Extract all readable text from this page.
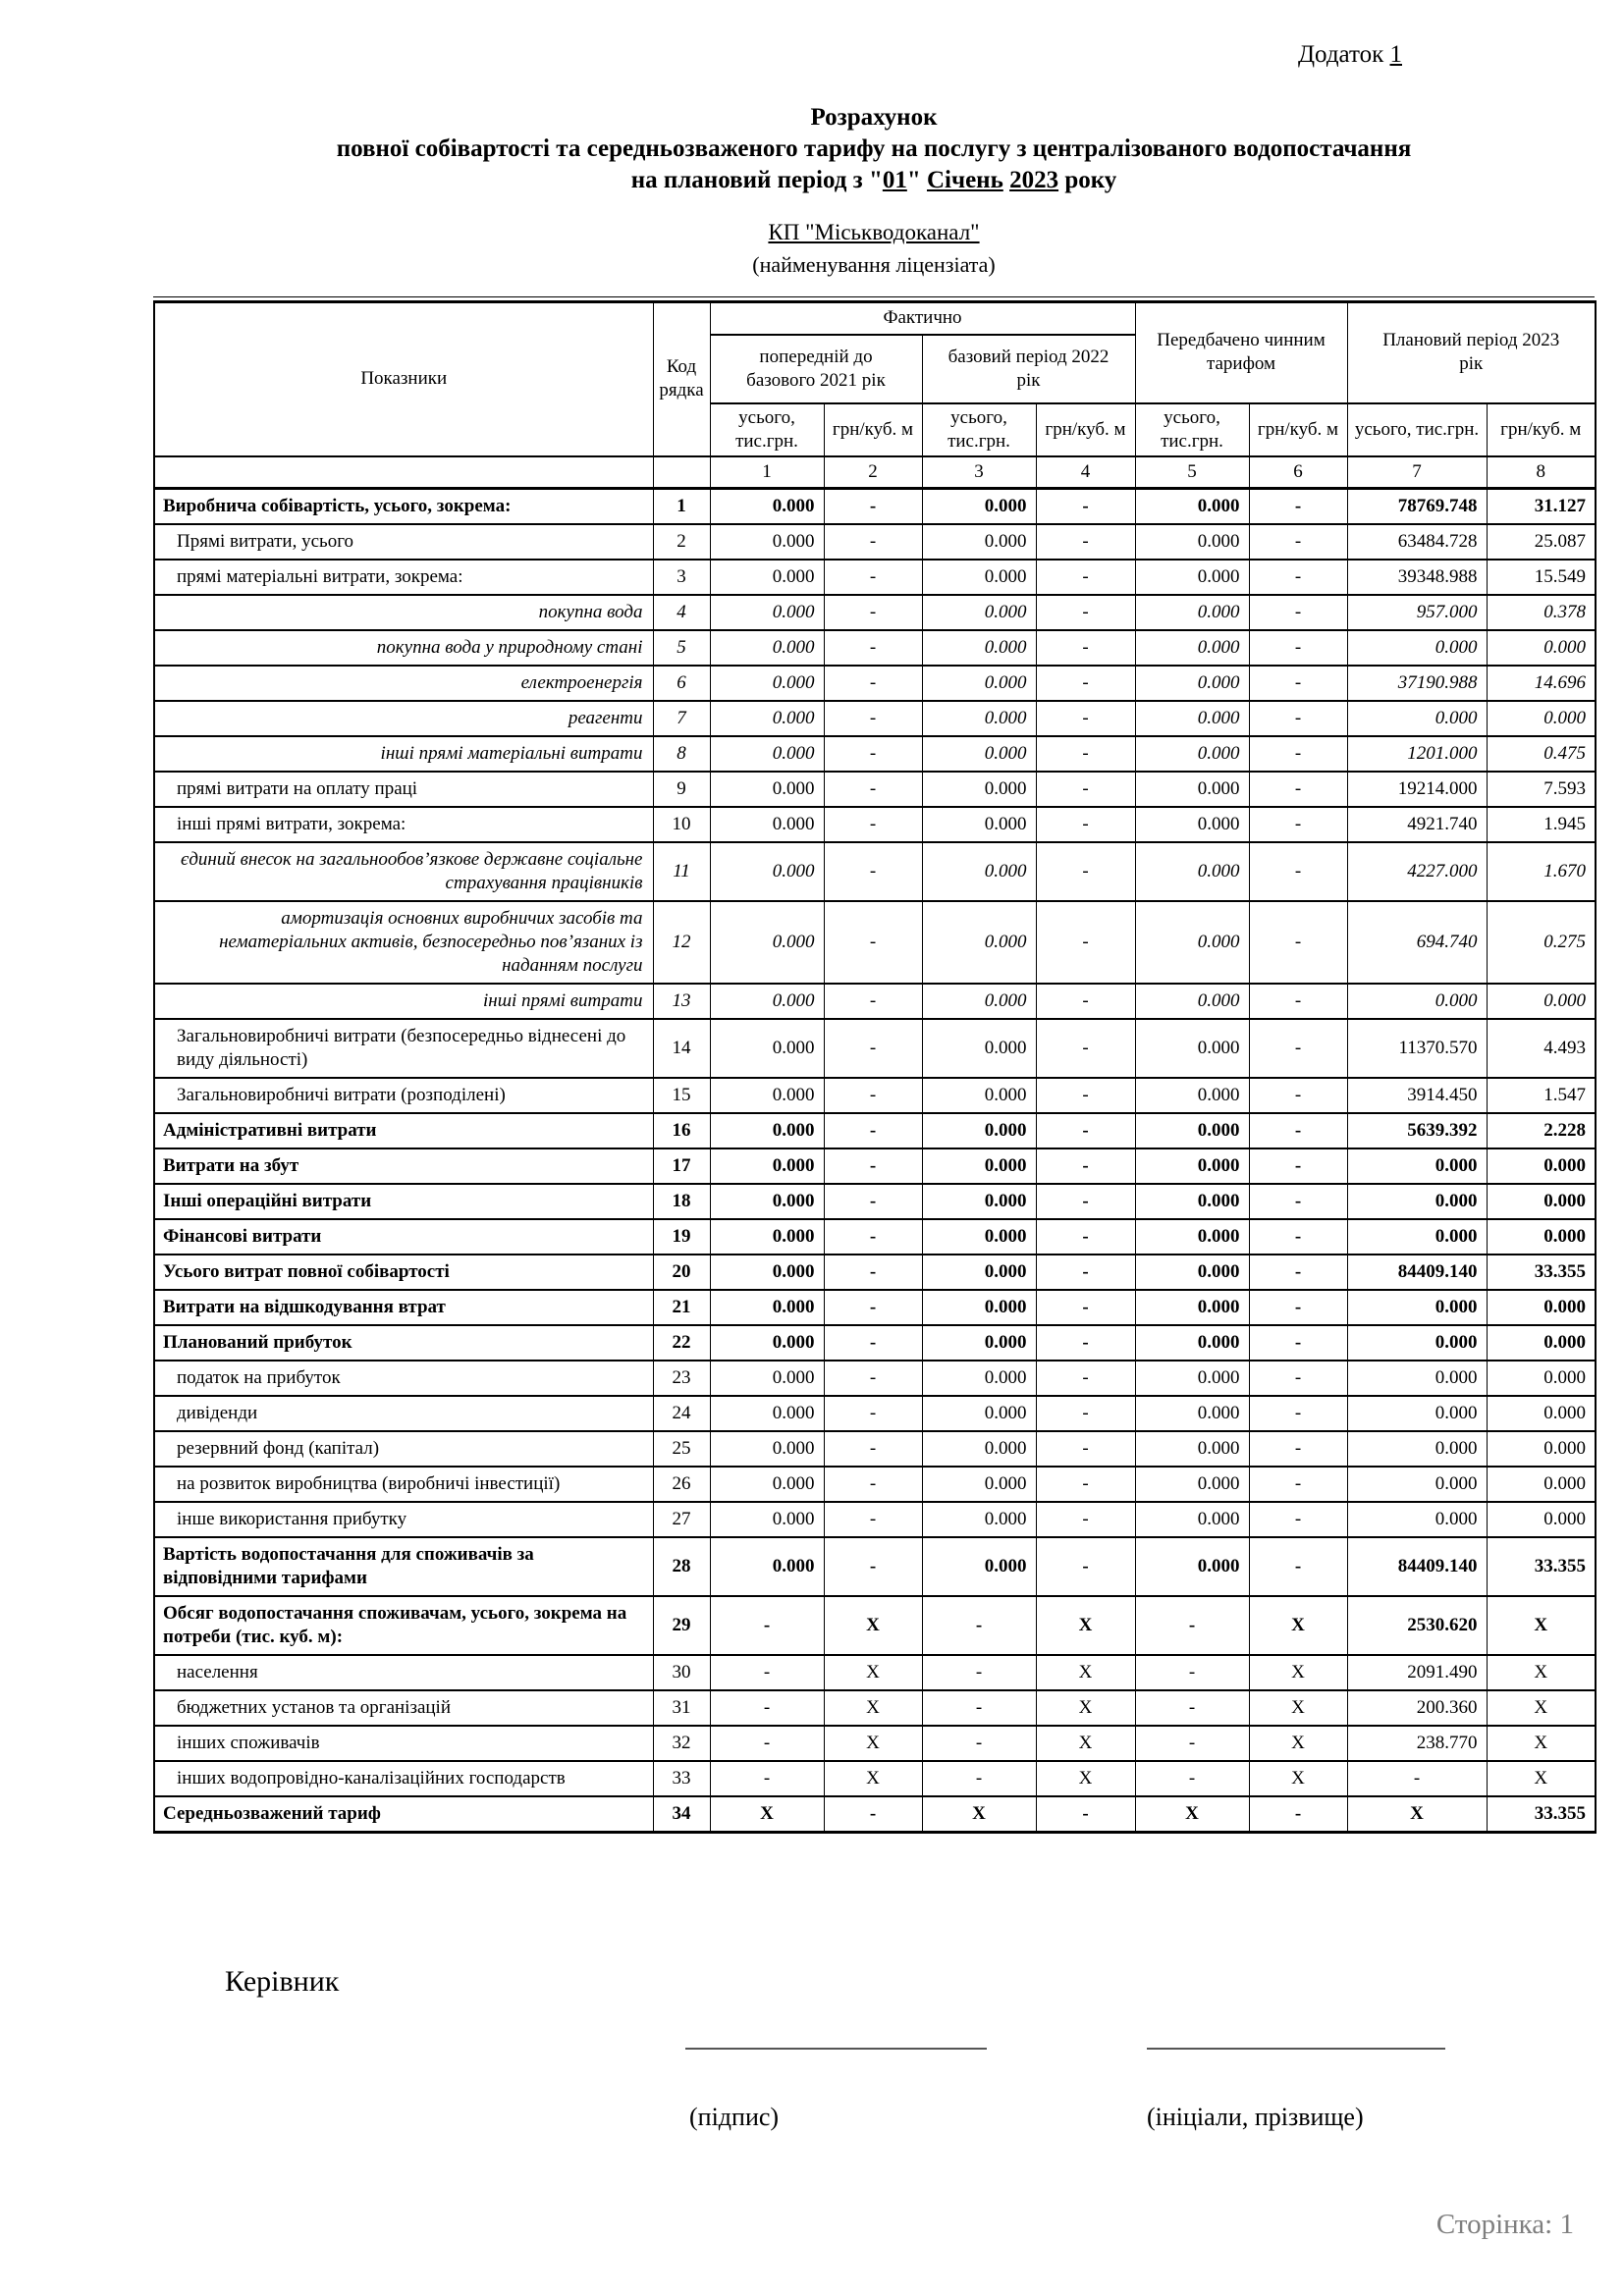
Додаток 1
Розрахунок
повної собівартості та середньозваженого тарифу на послугу з централізованого водопостачання
на плановий період з "01" Січень 2023 року
КП "Міськводоканал"
(найменування ліцензіата)
Показники	Код рядка	Фактично				Передбачено чинним тарифом		Плановий період 2023 рік	
		попередній до базового 2021 рік		базовий період 2022 рік					
		усього, тис.грн.	грн/куб. м	усього, тис.грн.	грн/куб. м	усього, тис.грн.	грн/куб. м	усього, тис.грн.	грн/куб. м
		1	2	3	4	5	6	7	8
Виробнича собівартість, усього, зокрема:	1	0.000	-	0.000	-	0.000	-	78769.748	31.127
Прямі витрати, усього	2	0.000	-	0.000	-	0.000	-	63484.728	25.087
прямі матеріальні витрати, зокрема:	3	0.000	-	0.000	-	0.000	-	39348.988	15.549
покупна вода	4	0.000	-	0.000	-	0.000	-	957.000	0.378
покупна вода у природному стані	5	0.000	-	0.000	-	0.000	-	0.000	0.000
електроенергія	6	0.000	-	0.000	-	0.000	-	37190.988	14.696
реагенти	7	0.000	-	0.000	-	0.000	-	0.000	0.000
інші прямі матеріальні витрати	8	0.000	-	0.000	-	0.000	-	1201.000	0.475
прямі витрати на оплату праці	9	0.000	-	0.000	-	0.000	-	19214.000	7.593
інші прямі витрати, зокрема:	10	0.000	-	0.000	-	0.000	-	4921.740	1.945
єдиний внесок на загальнообов’язкове державне соціальне страхування працівників	11	0.000	-	0.000	-	0.000	-	4227.000	1.670
амортизація основних виробничих засобів та нематеріальних активів, безпосередньо пов’язаних із наданням послуги	12	0.000	-	0.000	-	0.000	-	694.740	0.275
інші прямі витрати	13	0.000	-	0.000	-	0.000	-	0.000	0.000
Загальновиробничі витрати (безпосередньо віднесені до виду діяльності)	14	0.000	-	0.000	-	0.000	-	11370.570	4.493
Загальновиробничі витрати (розподілені)	15	0.000	-	0.000	-	0.000	-	3914.450	1.547
Адміністративні витрати	16	0.000	-	0.000	-	0.000	-	5639.392	2.228
Витрати на збут	17	0.000	-	0.000	-	0.000	-	0.000	0.000
Інші операційні витрати	18	0.000	-	0.000	-	0.000	-	0.000	0.000
Фінансові витрати	19	0.000	-	0.000	-	0.000	-	0.000	0.000
Усього витрат повної собівартості	20	0.000	-	0.000	-	0.000	-	84409.140	33.355
Витрати на відшкодування втрат	21	0.000	-	0.000	-	0.000	-	0.000	0.000
Планований прибуток	22	0.000	-	0.000	-	0.000	-	0.000	0.000
податок на прибуток	23	0.000	-	0.000	-	0.000	-	0.000	0.000
дивіденди	24	0.000	-	0.000	-	0.000	-	0.000	0.000
резервний фонд (капітал)	25	0.000	-	0.000	-	0.000	-	0.000	0.000
на розвиток виробництва (виробничі інвестиції)	26	0.000	-	0.000	-	0.000	-	0.000	0.000
інше використання прибутку	27	0.000	-	0.000	-	0.000	-	0.000	0.000
Вартість водопостачання для споживачів за відповідними тарифами	28	0.000	-	0.000	-	0.000	-	84409.140	33.355
Обсяг водопостачання споживачам, усього, зокрема на потреби (тис. куб. м):	29	-	X	-	X	-	X	2530.620	X
населення	30	-	X	-	X	-	X	2091.490	X
бюджетних установ та організацій	31	-	X	-	X	-	X	200.360	X
інших споживачів	32	-	X	-	X	-	X	238.770	X
інших водопровідно-каналізаційних господарств	33	-	X	-	X	-	X	-	X
Середньозважений тариф	34	X	-	X	-	X	-	X	33.355
Керівник
(підпис)	(ініціали, прізвище)
Сторінка: 1
